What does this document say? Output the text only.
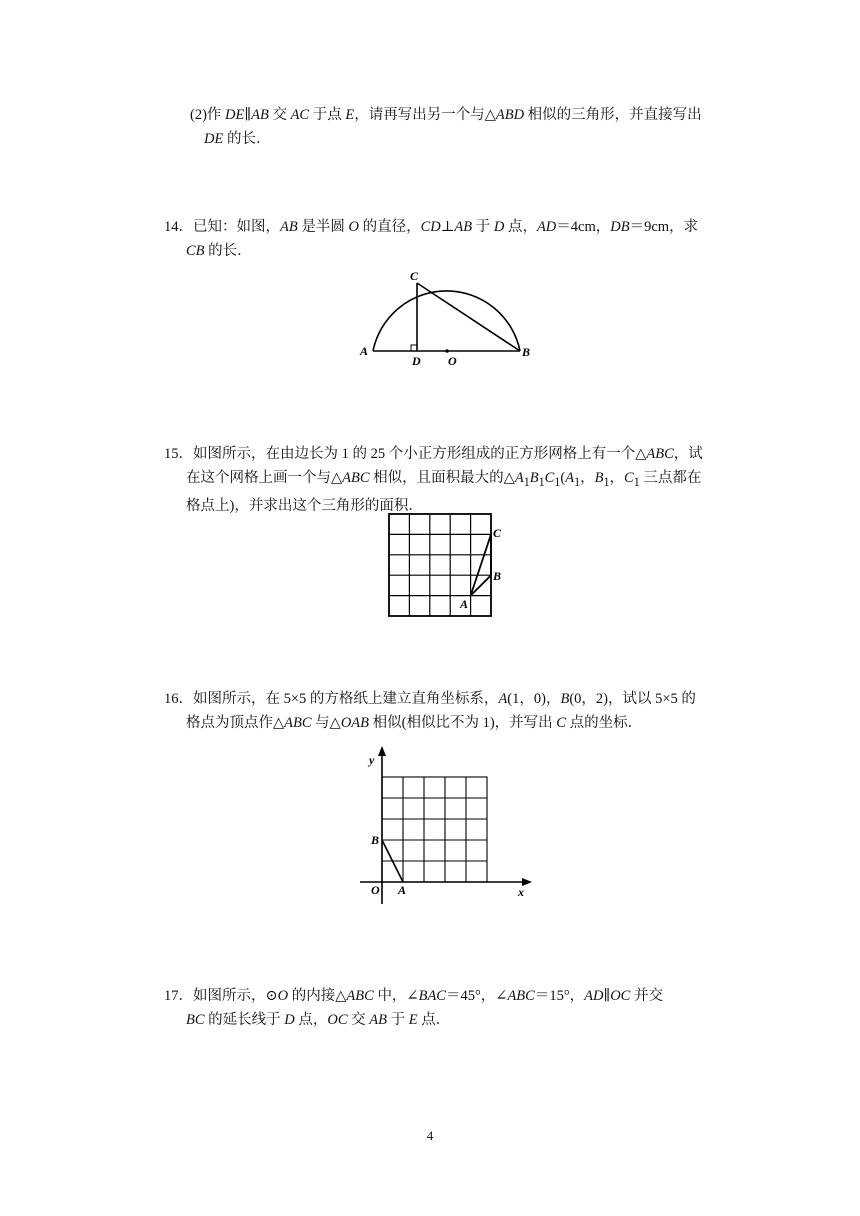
(2)作 DE∥AB 交 AC 于点 E，请再写出另一个与△ABD 相似的三角形，并直接写出
DE 的长．
14．已知：如图，AB 是半圆 O 的直径，CD⊥AB 于 D 点，AD＝4cm，DB＝9cm，求
CB 的长．
C
A	B
D O
15．如图所示，在由边长为 1 的 25 个小正方形组成的正方形网格上有一个△ABC，试
在这个网格上画一个与△ABC 相似，且面积最大的$\triangle A_1B_1C_1(A_1$，$B_1$，$C_1$ 三点都在
格点上)，并求出这个三角形的面积．
A
B
C
16．如图所示，在 5×5 的方格纸上建立直角坐标系，A(1，0)，B(0，2)，试以 5×5 的
格点为顶点作△ABC 与△OAB 相似(相似比不为 1)，并写出 C 点的坐标．
y
x
O A
B
17．如图所示，⊙O 的内接△ABC 中，∠BAC＝45°，∠ABC＝15°，AD∥OC 并交
BC 的延长线于 D 点，OC 交 AB 于 E 点．
4
